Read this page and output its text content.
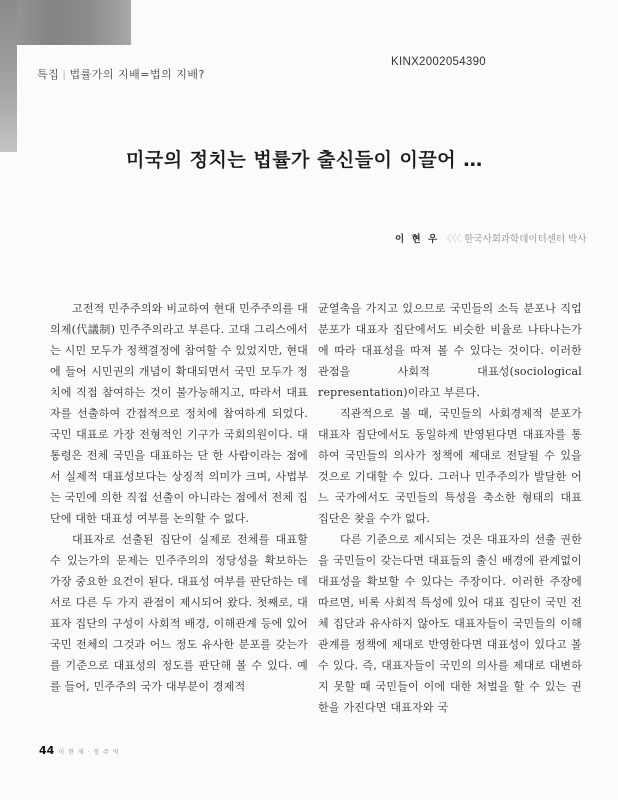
특집 | 법률가의 지배=법의 지배?
KINX2002054390
미국의 정치는 법률가 출신들이 이끌어 …
이 현 우 〈〈〈 한국사회과학데이터센터 박사

고전적 민주주의와 비교하여 현대 민주주의를 대의제(代議制) 민주주의라고 부른다. 고대 그리스에서는 시민 모두가 정책결정에 참여할 수 있었지만, 현대에 들어 시민권의 개념이 확대되면서 국민 모두가 정치에 직접 참여하는 것이 불가능해지고, 따라서 대표자를 선출하여 간접적으로 정치에 참여하게 되었다. 국민 대표로 가장 전형적인 기구가 국회의원이다. 대통령은 전체 국민을 대표하는 단 한 사람이라는 점에서 실제적 대표성보다는 상징적 의미가 크며, 사법부는 국민에 의한 직접 선출이 아니라는 점에서 전체 집단에 대한 대표성 여부를 논의할 수 없다.

대표자로 선출된 집단이 실제로 전체를 대표할 수 있는가의 문제는 민주주의의 정당성을 확보하는 가장 중요한 요건이 된다. 대표성 여부를 판단하는 데 서로 다른 두 가지 관점이 제시되어 왔다. 첫째로, 대표자 집단의 구성이 사회적 배경, 이해관계 등에 있어 국민 전체의 그것과 어느 정도 유사한 분포를 갖는가를 기준으로 대표성의 정도를 판단해 볼 수 있다. 예를 들어, 민주주의 국가 대부분이 경제적

균열축을 가지고 있으므로 국민들의 소득 분포나 직업 분포가 대표자 집단에서도 비슷한 비율로 나타나는가에 따라 대표성을 따져 볼 수 있다는 것이다. 이러한 관점을 사회적 대표성(sociological representation)이라고 부른다.

직관적으로 볼 때, 국민들의 사회경제적 분포가 대표자 집단에서도 동일하게 반영된다면 대표자를 통하여 국민들의 의사가 정책에 제대로 전달될 수 있을 것으로 기대할 수 있다. 그러나 민주주의가 발달한 어느 국가에서도 국민들의 특성을 축소한 형태의 대표 집단은 찾을 수가 없다.

다른 기준으로 제시되는 것은 대표자의 선출 권한을 국민들이 갖는다면 대표들의 출신 배경에 관계없이 대표성을 확보할 수 있다는 주장이다. 이러한 주장에 따르면, 비록 사회적 특성에 있어 대표 집단이 국민 전체 집단과 유사하지 않아도 대표자들이 국민들의 이해관계를 정책에 제대로 반영한다면 대표성이 있다고 볼 수 있다. 즉, 대표자들이 국민의 의사를 제대로 대변하지 못할 때 국민들이 이에 대한 처벌을 할 수 있는 권한을 가진다면 대표자와 국

44 이 현 제 · 정 주 역
